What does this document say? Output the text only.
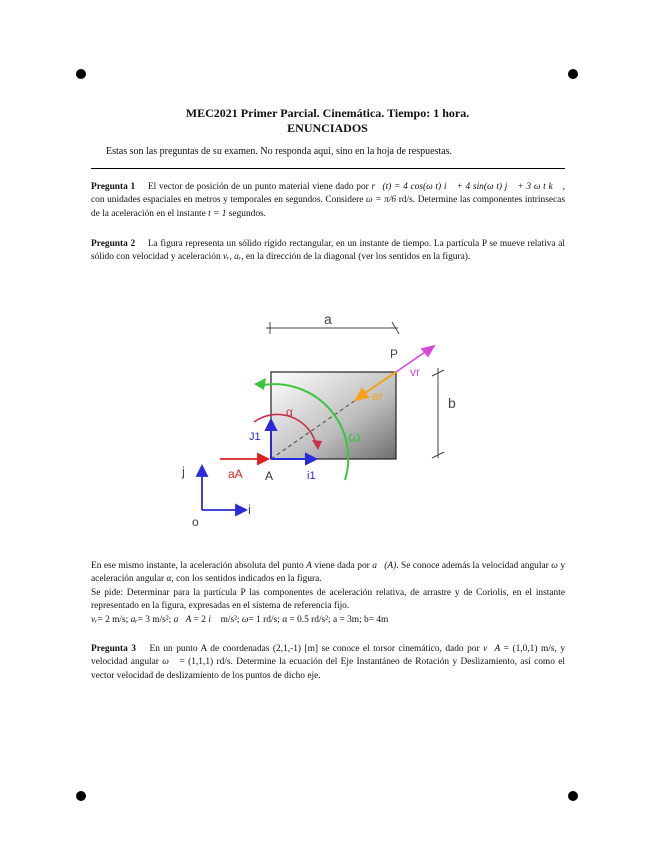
MEC2021 Primer Parcial. Cinemática. Tiempo: 1 hora.
ENUNCIADOS
Estas son las preguntas de su examen. No responda aquí, sino en la hoja de respuestas.

Pregunta 1 El vector de posición de un punto material viene dado por r⃗(t) = 4 cos(ω t) i⃗ + 4 sin(ω t) j⃗ + 3 ω t k⃗ , con unidades espaciales en metros y temporales en segundos. Considere ω = π/6 rd/s. Determine las componentes intrínsecas de la aceleración en el instante t = 1 segundos.

Pregunta 2 La figura representa un sólido rígido rectangular, en un instante de tiempo. La partícula P se mueve relativa al sólido con velocidad y aceleración vᵣ, aᵣ, en la dirección de la diagonal (ver los sentidos en la figura).

a
b
P
vr
ar
ω
α
J1
i1
aA A
j
i
o

En ese mismo instante, la aceleración absoluta del punto A viene dada por a⃗(A). Se conoce además la velocidad angular ω y aceleración angular α, con los sentidos indicados en la figura.

Se pide: Determinar para la partícula P las componentes de aceleración relativa, de arrastre y de Coriolis, en el instante representado en la figura, expresadas en el sistema de referencia fijo.

vᵣ= 2 m/s; aᵣ= 3 m/s²; a⃗A = 2 i⃗ m/s²; ω= 1 rd/s; α = 0.5 rd/s²; a = 3m; b= 4m

Pregunta 3 En un punto A de coordenadas (2,1,-1) [m] se conoce el torsor cinemático, dado por v⃗A = (1,0,1) m/s, y velocidad angular ω⃗ = (1,1,1) rd/s. Determine la ecuación del Eje Instantáneo de Rotación y Deslizamiento, así como el vector velocidad de deslizamiento de los puntos de dicho eje.
